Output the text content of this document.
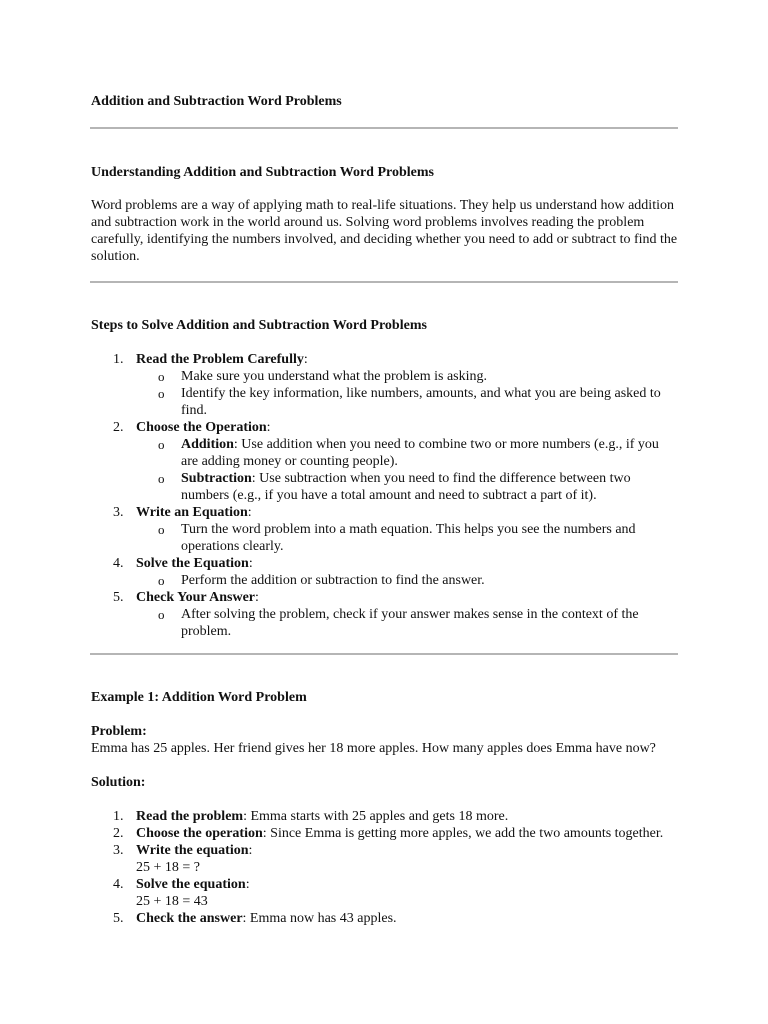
Addition and Subtraction Word Problems
Understanding Addition and Subtraction Word Problems

Word problems are a way of applying math to real-life situations. They help us understand how addition and subtraction work in the world around us. Solving word problems involves reading the problem carefully, identifying the numbers involved, and deciding whether you need to add or subtract to find the solution.

Steps to Solve Addition and Subtraction Word Problems
1. Read the Problem Carefully:
o Make sure you understand what the problem is asking.
o Identify the key information, like numbers, amounts, and what you are being asked to find.
2. Choose the Operation:
o Addition: Use addition when you need to combine two or more numbers (e.g., if you are adding money or counting people).
o Subtraction: Use subtraction when you need to find the difference between two numbers (e.g., if you have a total amount and need to subtract a part of it).
3. Write an Equation:
o Turn the word problem into a math equation. This helps you see the numbers and operations clearly.
4. Solve the Equation:
o Perform the addition or subtraction to find the answer.
5. Check Your Answer:
o After solving the problem, check if your answer makes sense in the context of the problem.
Example 1: Addition Word Problem

Problem:

Emma has 25 apples. Her friend gives her 18 more apples. How many apples does Emma have now?

Solution:

1. Read the problem: Emma starts with 25 apples and gets 18 more.
2. Choose the operation: Since Emma is getting more apples, we add the two amounts together.
3. Write the equation:
25 + 18 = ?
4. Solve the equation:
25 + 18 = 43
5. Check the answer: Emma now has 43 apples.
